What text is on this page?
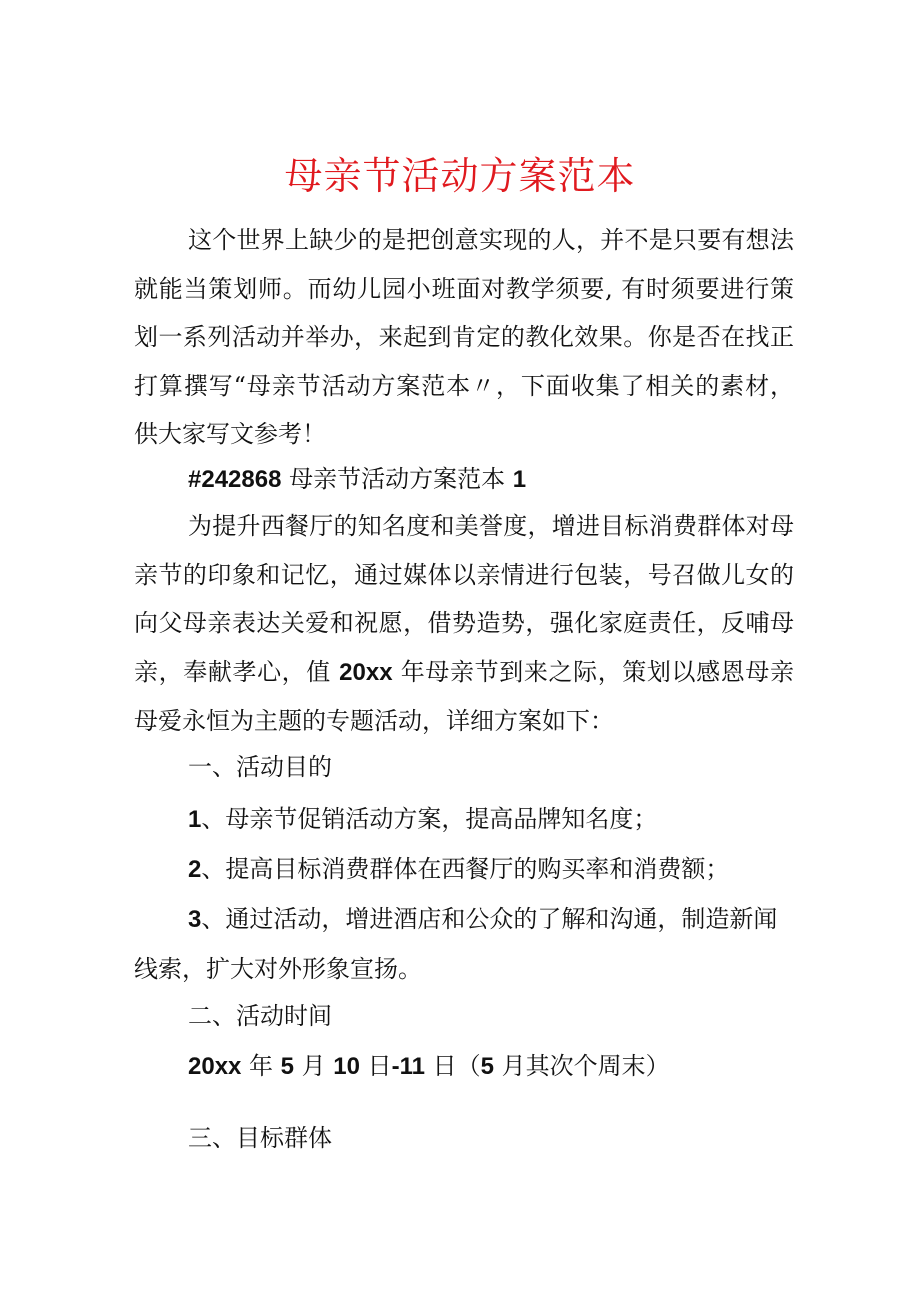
母亲节活动方案范本

这个世界上缺少的是把创意实现的人，并不是只要有想法就能当策划师。而幼儿园小班面对教学须要, 有时须要进行策划一系列活动并举办，来起到肯定的教化效果。你是否在找正打算撰写“母亲节活动方案范本〃，下面收集了相关的素材，供大家写文参考！

#242868 母亲节活动方案范本 1

为提升西餐厅的知名度和美誉度，增进目标消费群体对母亲节的印象和记忆，通过媒体以亲情进行包装，号召做儿女的向父母亲表达关爱和祝愿，借势造势，强化家庭责任，反哺母亲，奉献孝心，值 20xx 年母亲节到来之际，策划以感恩母亲母爱永恒为主题的专题活动，详细方案如下：

一、活动目的
1、母亲节促销活动方案，提高品牌知名度；
2、提高目标消费群体在西餐厅的购买率和消费额；

3、通过活动，增进酒店和公众的了解和沟通，制造新闻线索，扩大对外形象宣扬。

二、活动时间
20xx 年 5 月 10 日-11 日（5 月其次个周末）
三、目标群体
